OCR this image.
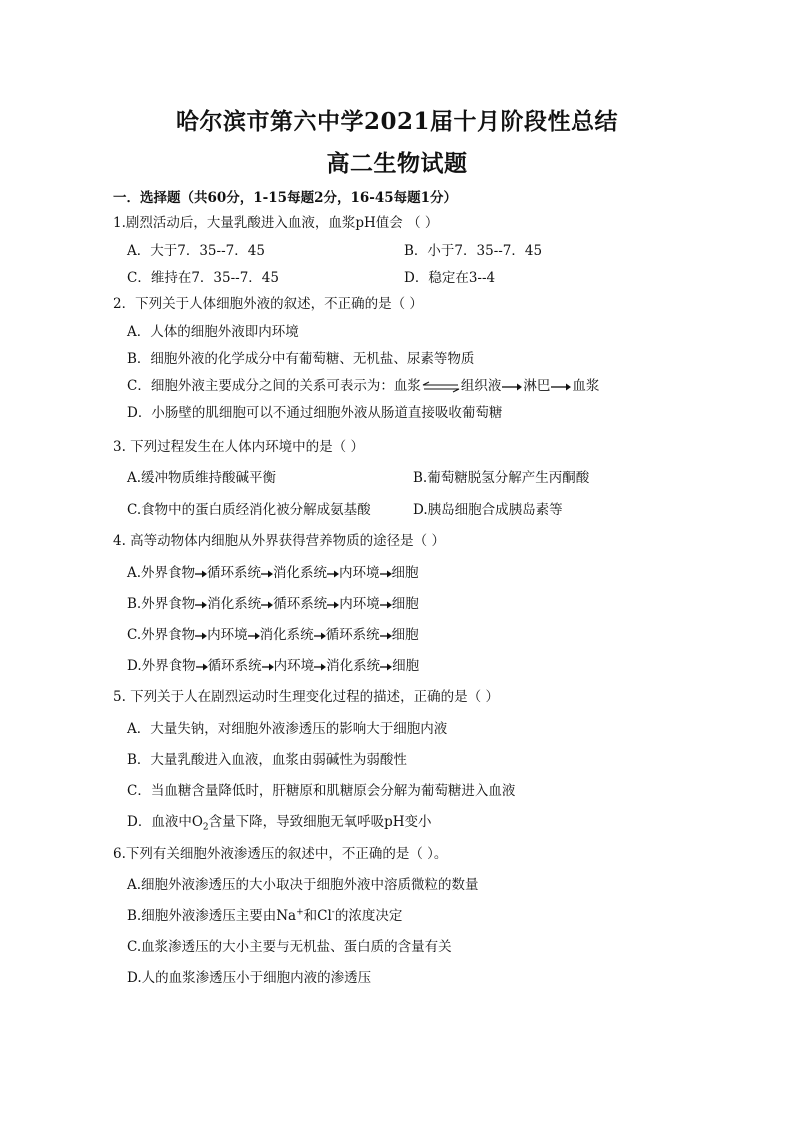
哈尔滨市第六中学2021届十月阶段性总结
高二生物试题
一．选择题（共60分，1-15每题2分，16-45每题1分）
1.剧烈活动后，大量乳酸进入血液，血浆pH值会 （ ）
A．大于7．35--7．45	B．小于7．35--7．45
C．维持在7．35--7．45	D．稳定在3--4
2．下列关于人体细胞外液的叙述，不正确的是（ ）
A．人体的细胞外液即内环境
B．细胞外液的化学成分中有葡萄糖、无机盐、尿素等物质
C．细胞外液主要成分之间的关系可表示为：血浆	组织液 淋巴 血浆
D．小肠壁的肌细胞可以不通过细胞外液从肠道直接吸收葡萄糖
3. 下列过程发生在人体内环境中的是（ ）
A.缓冲物质维持酸碱平衡	B.葡萄糖脱氢分解产生丙酮酸
C.食物中的蛋白质经消化被分解成氨基酸	D.胰岛细胞合成胰岛素等
4. 高等动物体内细胞从外界获得营养物质的途径是（ ）
A.外界食物 循环系统 消化系统 内环境 细胞
B.外界食物 消化系统 循环系统 内环境 细胞
C.外界食物 内环境 消化系统 循环系统 细胞
D.外界食物 循环系统 内环境 消化系统 细胞
5. 下列关于人在剧烈运动时生理变化过程的描述，正确的是（ ）
A．大量失钠，对细胞外液渗透压的影响大于细胞内液
B．大量乳酸进入血液，血浆由弱碱性为弱酸性
C．当血糖含量降低时，肝糖原和肌糖原会分解为葡萄糖进入血液
D．血液中$O_2$含量下降，导致细胞无氧呼吸pH变小
6.下列有关细胞外液渗透压的叙述中，不正确的是（ ）。
A.细胞外液渗透压的大小取决于细胞外液中溶质微粒的数量
B.细胞外液渗透压主要由Na+和Cl-的浓度决定
C.血浆渗透压的大小主要与无机盐、蛋白质的含量有关
D.人的血浆渗透压小于细胞内液的渗透压
